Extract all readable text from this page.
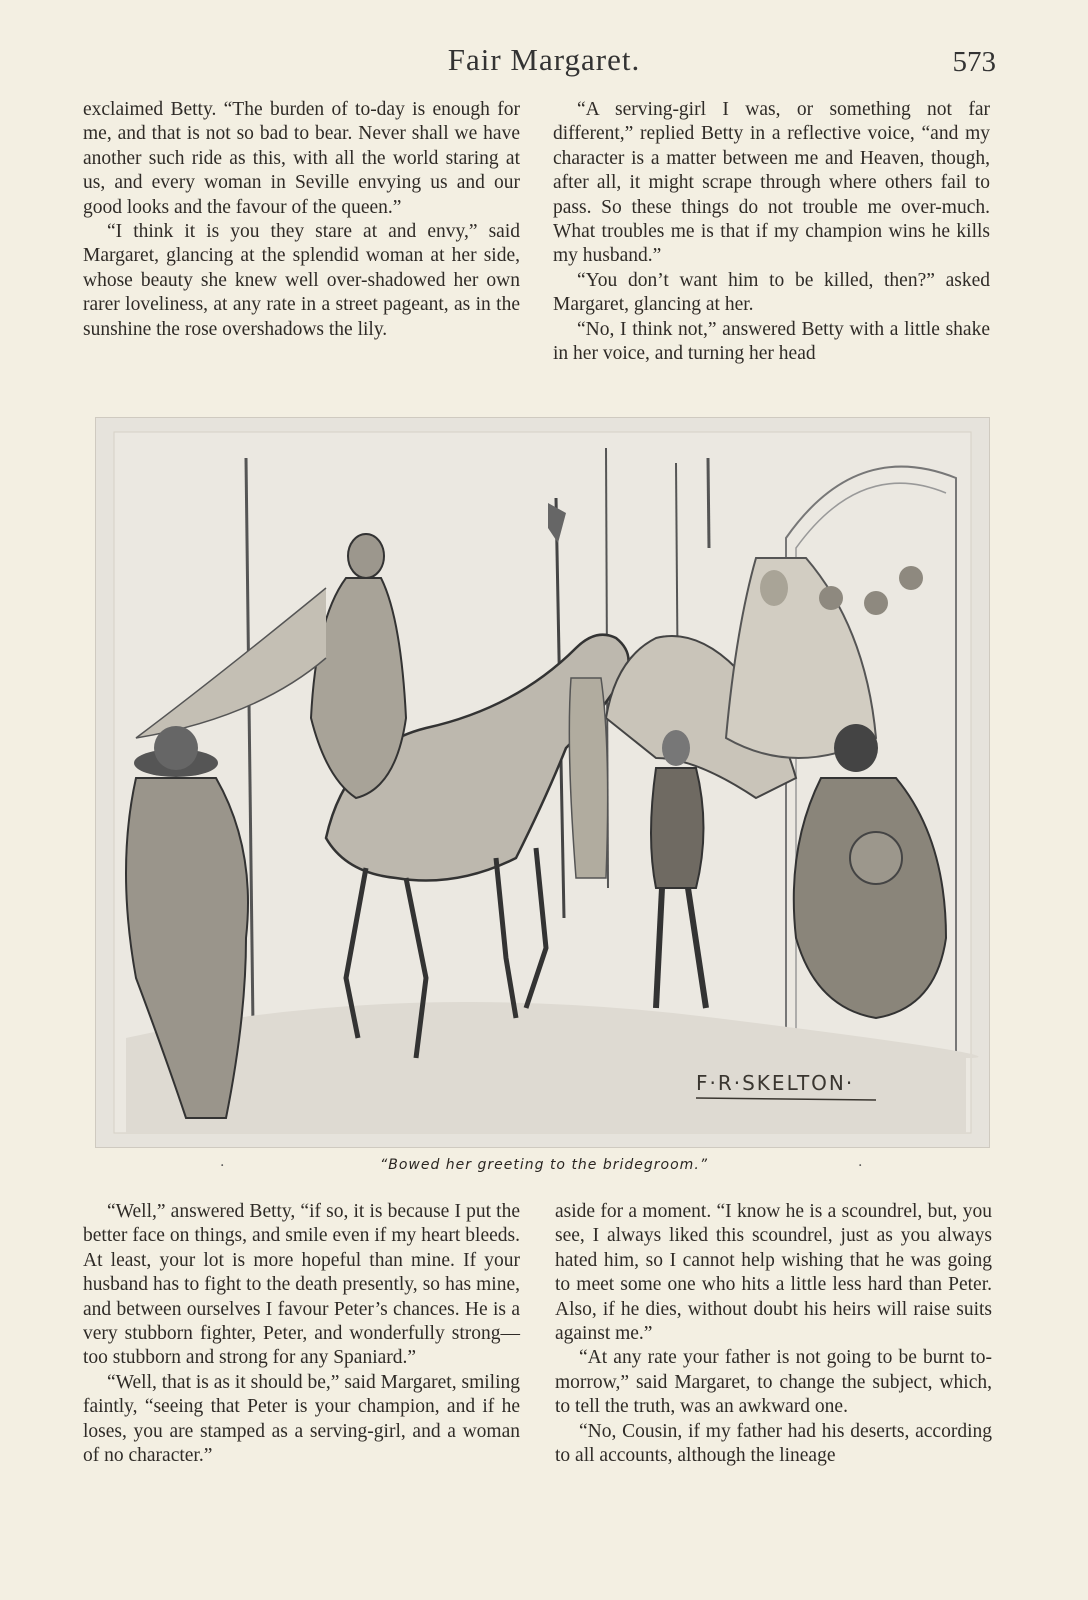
Fair Margaret.	573

exclaimed Betty. “The burden of to-day is enough for me, and that is not so bad to bear. Never shall we have another such ride as this, with all the world staring at us, and every woman in Seville envying us and our good looks and the favour of the queen.”

“I think it is you they stare at and envy,” said Margaret, glancing at the splendid woman at her side, whose beauty she knew well over-shadowed her own rarer loveliness, at any rate in a street pageant, as in the sunshine the rose overshadows the lily.

“A serving-girl I was, or something not far different,” replied Betty in a reflective voice, “and my character is a matter between me and Heaven, though, after all, it might scrape through where others fail to pass. So these things do not trouble me over-much. What troubles me is that if my champion wins he kills my husband.”

“You don’t want him to be killed, then?” asked Margaret, glancing at her.

“No, I think not,” answered Betty with a little shake in her voice, and turning her head

F·R·SKELTON·
·	“Bowed her greeting to the bridegroom.”	·

“Well,” answered Betty, “if so, it is because I put the better face on things, and smile even if my heart bleeds. At least, your lot is more hopeful than mine. If your husband has to fight to the death presently, so has mine, and between ourselves I favour Peter’s chances. He is a very stubborn fighter, Peter, and wonderfully strong—too stubborn and strong for any Spaniard.”

“Well, that is as it should be,” said Margaret, smiling faintly, “seeing that Peter is your champion, and if he loses, you are stamped as a serving-girl, and a woman of no character.”

aside for a moment. “I know he is a scoundrel, but, you see, I always liked this scoundrel, just as you always hated him, so I cannot help wishing that he was going to meet some one who hits a little less hard than Peter. Also, if he dies, without doubt his heirs will raise suits against me.”

“At any rate your father is not going to be burnt to-morrow,” said Margaret, to change the subject, which, to tell the truth, was an awkward one.

“No, Cousin, if my father had his deserts, according to all accounts, although the lineage
